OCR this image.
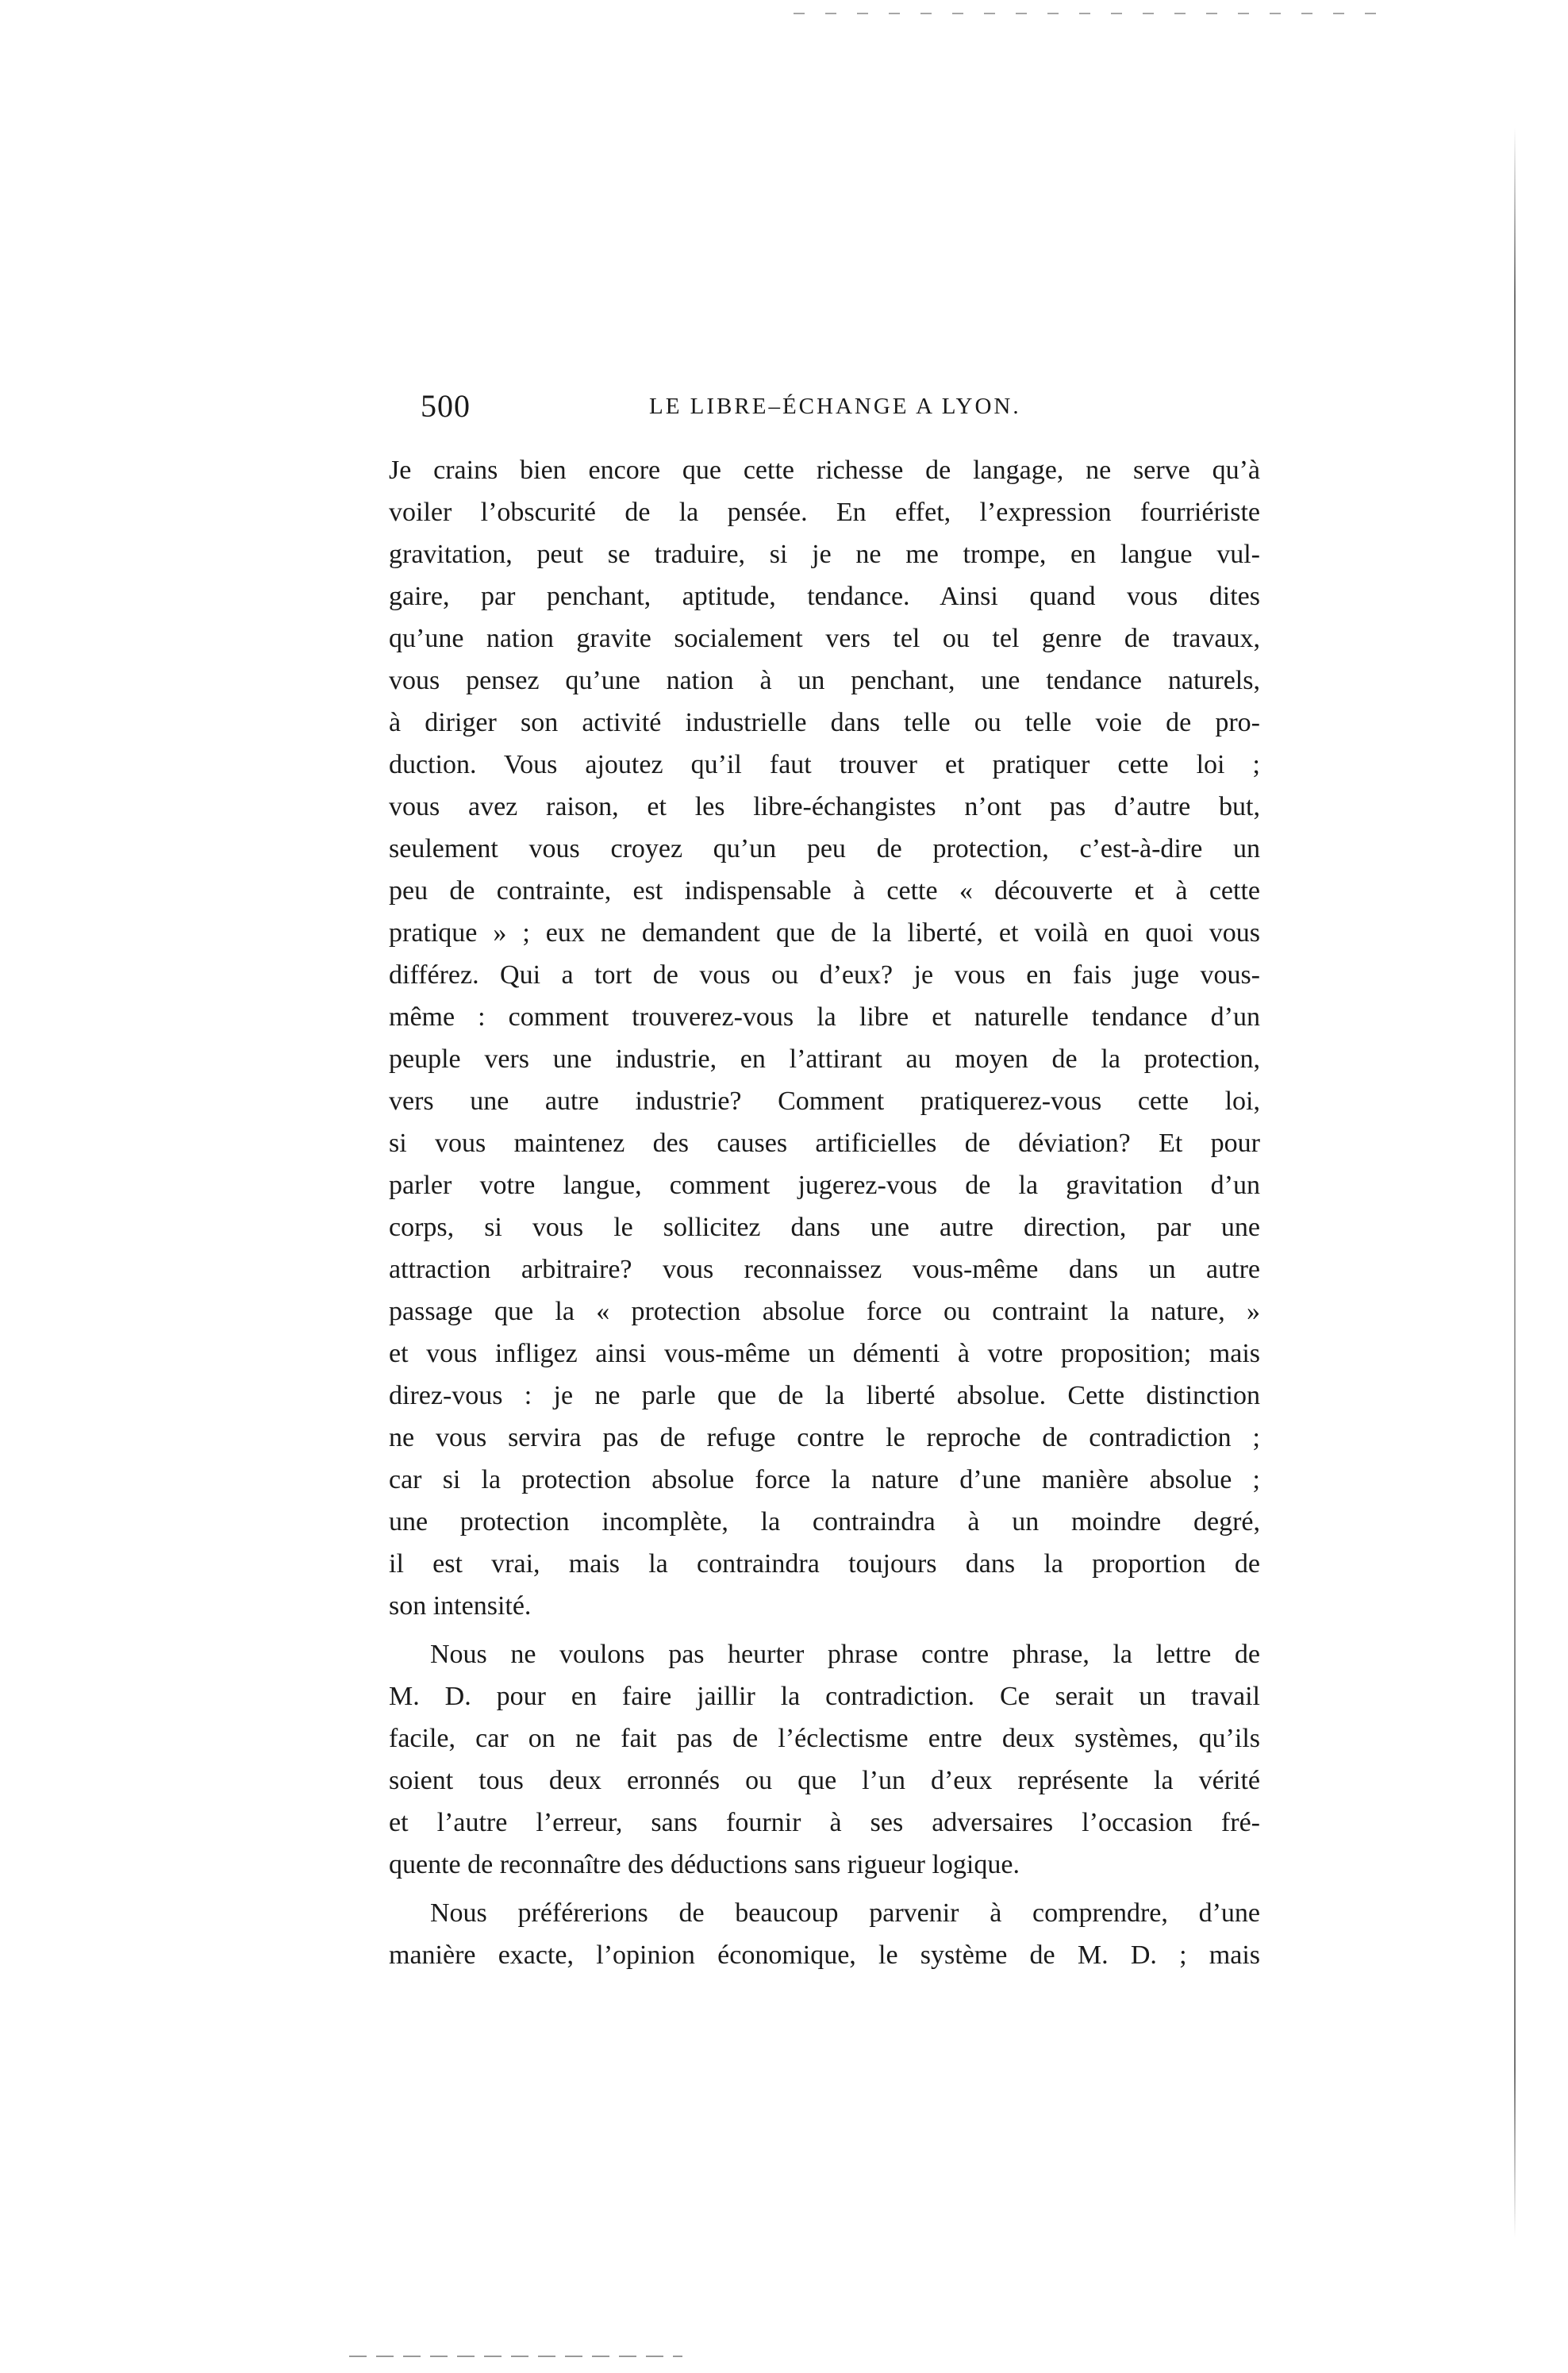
500	LE LIBRE–ÉCHANGE A LYON.
Je crains bien encore que cette richesse de langage, ne serve qu’à
voiler l’obscurité de la pensée. En effet, l’expression fourriériste
gravitation, peut se traduire, si je ne me trompe, en langue vul-
gaire, par penchant, aptitude, tendance. Ainsi quand vous dites
qu’une nation gravite socialement vers tel ou tel genre de travaux,
vous pensez qu’une nation à un penchant, une tendance naturels,
à diriger son activité industrielle dans telle ou telle voie de pro-
duction. Vous ajoutez qu’il faut trouver et pratiquer cette loi ;
vous avez raison, et les libre-échangistes n’ont pas d’autre but,
seulement vous croyez qu’un peu de protection, c’est-à-dire un
peu de contrainte, est indispensable à cette « découverte et à cette
pratique » ; eux ne demandent que de la liberté, et voilà en quoi vous
différez. Qui a tort de vous ou d’eux? je vous en fais juge vous-
même : comment trouverez-vous la libre et naturelle tendance d’un
peuple vers une industrie, en l’attirant au moyen de la protection,
vers une autre industrie? Comment pratiquerez-vous cette loi,
si vous maintenez des causes artificielles de déviation? Et pour
parler votre langue, comment jugerez-vous de la gravitation d’un
corps, si vous le sollicitez dans une autre direction, par une
attraction arbitraire? vous reconnaissez vous-même dans un autre
passage que la « protection absolue force ou contraint la nature, »
et vous infligez ainsi vous-même un démenti à votre proposition; mais
direz-vous : je ne parle que de la liberté absolue. Cette distinction
ne vous servira pas de refuge contre le reproche de contradiction ;
car si la protection absolue force la nature d’une manière absolue ;
une protection incomplète, la contraindra à un moindre degré,
il est vrai, mais la contraindra toujours dans la proportion de
son intensité.
Nous ne voulons pas heurter phrase contre phrase, la lettre de
M. D. pour en faire jaillir la contradiction. Ce serait un travail
facile, car on ne fait pas de l’éclectisme entre deux systèmes, qu’ils
soient tous deux erronnés ou que l’un d’eux représente la vérité
et l’autre l’erreur, sans fournir à ses adversaires l’occasion fré-
quente de reconnaître des déductions sans rigueur logique.
Nous préférerions de beaucoup parvenir à comprendre, d’une
manière exacte, l’opinion économique, le système de M. D. ; mais
